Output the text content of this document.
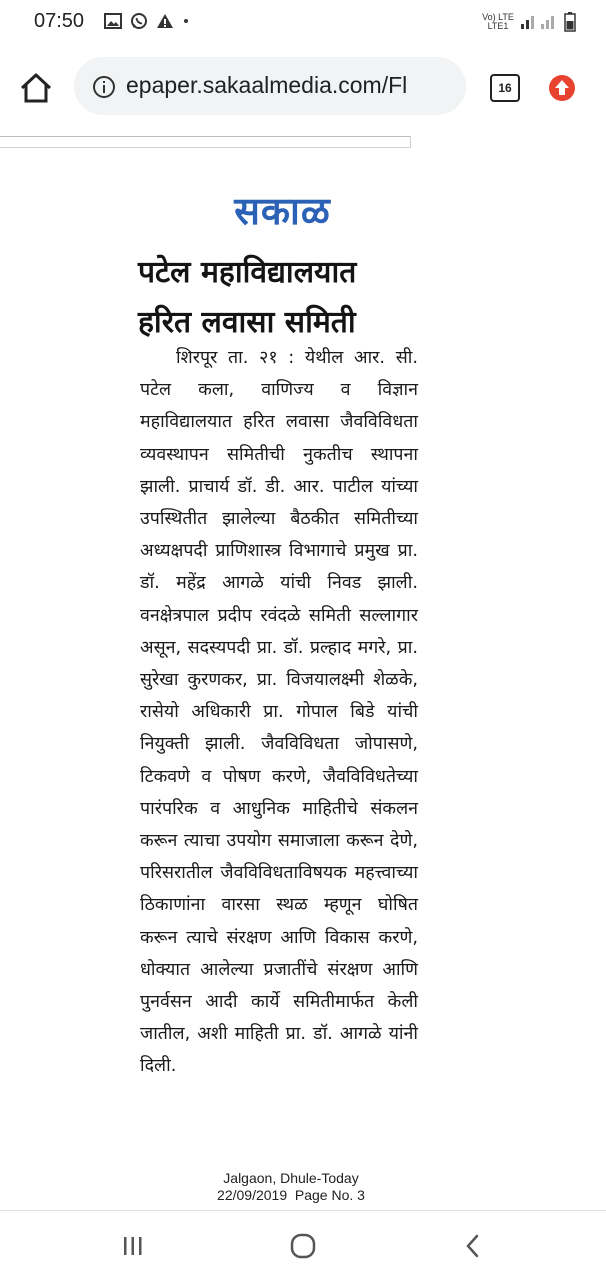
07:50	Vo) LTE LTE1
epaper.sakaalmedia.com/Fl	16
सकाळ
पटेल महाविद्यालयात
हरित लवासा समिती
शिरपूर ता. २१ : येथील आर. सी. पटेल कला, वाणिज्य व विज्ञान महाविद्यालयात हरित लवासा जैवविविधता व्यवस्थापन समितीची नुकतीच स्थापना झाली. प्राचार्य डॉ. डी. आर. पाटील यांच्या उपस्थितीत झालेल्या बैठकीत समितीच्या अध्यक्षपदी प्राणिशास्त्र विभागाचे प्रमुख प्रा. डॉ. महेंद्र आगळे यांची निवड झाली. वनक्षेत्रपाल प्रदीप रवंदळे समिती सल्लागार असून, सदस्यपदी प्रा. डॉ. प्रल्हाद मगरे, प्रा. सुरेखा कुरणकर, प्रा. विजयालक्ष्मी शेळके, रासेयो अधिकारी प्रा. गोपाल बिडे यांची नियुक्ती झाली. जैवविविधता जोपासणे, टिकवणे व पोषण करणे, जैवविविधतेच्या पारंपरिक व आधुनिक माहितीचे संकलन करून त्याचा उपयोग समाजाला करून देणे, परिसरातील जैवविविधताविषयक महत्त्वाच्या ठिकाणांना वारसा स्थळ म्हणून घोषित करून त्याचे संरक्षण आणि विकास करणे, धोक्यात आलेल्या प्रजातींचे संरक्षण आणि पुनर्वसन आदी कार्ये समितीमार्फत केली जातील, अशी माहिती प्रा. डॉ. आगळे यांनी दिली.
Jalgaon, Dhule-Today
22/09/2019  Page No. 3
